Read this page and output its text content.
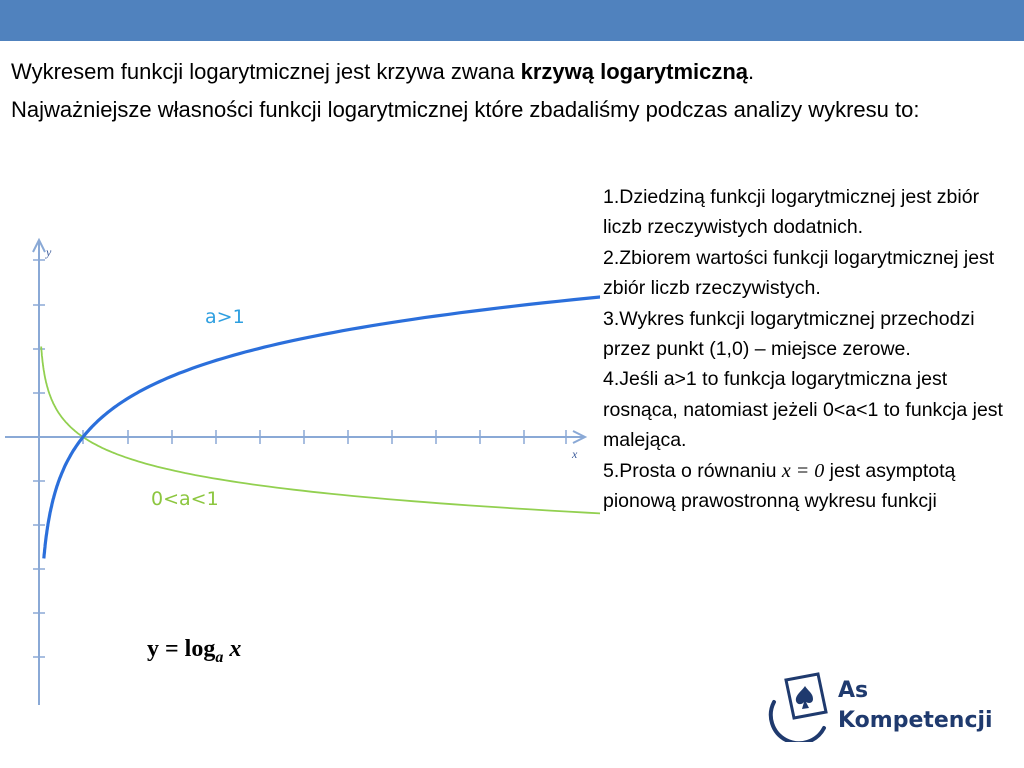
Wykresem funkcji logarytmicznej jest krzywa zwana krzywą logarytmiczną.

Najważniejsze własności funkcji logarytmicznej które zbadaliśmy podczas analizy wykresu to:

y
x
a>1
0<a<1
$y = \log_a x$
1.Dziedziną funkcji logarytmicznej jest zbiór liczb rzeczywistych dodatnich.
2.Zbiorem wartości funkcji logarytmicznej jest zbiór liczb rzeczywistych.
3.Wykres funkcji logarytmicznej przechodzi przez punkt (1,0) – miejsce zerowe.
4.Jeśli a>1 to funkcja logarytmiczna jest rosnąca, natomiast jeżeli 0<a<1 to funkcja jest malejąca.
5.Prosta o równaniu x = 0 jest asymptotą pionową prawostronną wykresu funkcji
As
Kompetencji
